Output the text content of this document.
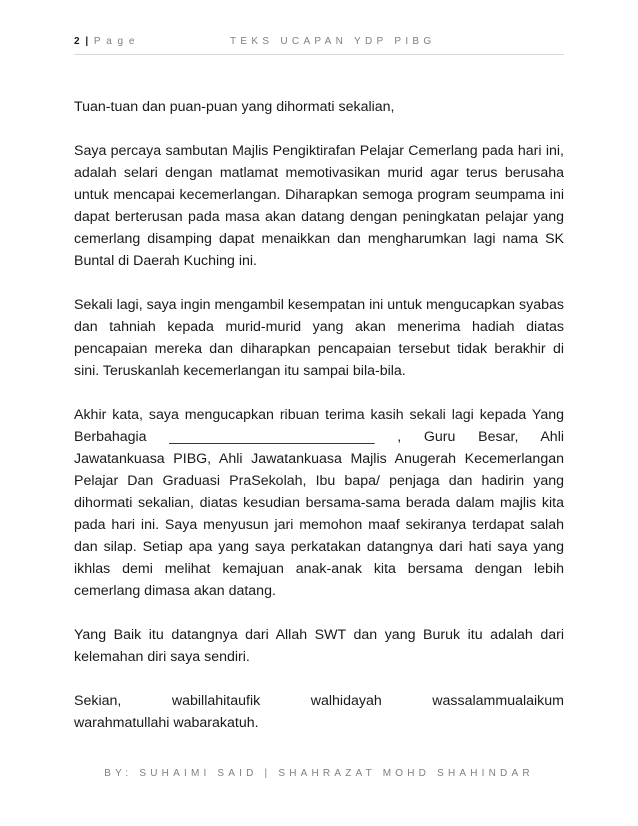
2 | P a g e	TEKS UCAPAN YDP PIBG

Tuan-tuan dan puan-puan yang dihormati sekalian,

Saya percaya sambutan Majlis Pengiktirafan Pelajar Cemerlang pada hari ini, adalah selari dengan matlamat memotivasikan murid agar terus berusaha untuk mencapai kecemerlangan. Diharapkan semoga program seumpama ini dapat berterusan pada masa akan datang dengan peningkatan pelajar yang cemerlang disamping dapat menaikkan dan mengharumkan lagi nama SK Buntal di Daerah Kuching ini.

Sekali lagi, saya ingin mengambil kesempatan ini untuk mengucapkan syabas dan tahniah kepada murid-murid yang akan menerima hadiah diatas pencapaian mereka dan diharapkan pencapaian tersebut tidak berakhir di sini. Teruskanlah kecemerlangan itu sampai bila-bila.

Akhir kata, saya mengucapkan ribuan terima kasih sekali lagi kepada Yang Berbahagia __________________________ , Guru Besar, Ahli Jawatankuasa PIBG, Ahli Jawatankuasa Majlis Anugerah Kecemerlangan Pelajar Dan Graduasi PraSekolah, Ibu bapa/ penjaga dan hadirin yang dihormati sekalian, diatas kesudian bersama-sama berada dalam majlis kita pada hari ini. Saya menyusun jari memohon maaf sekiranya terdapat salah dan silap. Setiap apa yang saya perkatakan datangnya dari hati saya yang ikhlas demi melihat kemajuan anak-anak kita bersama dengan lebih cemerlang dimasa akan datang.

Yang Baik itu datangnya dari Allah SWT dan yang Buruk itu adalah dari kelemahan diri saya sendiri.

Sekian,	wabillahitaufik	walhidayah	wassalammualaikum
warahmatullahi wabarakatuh.

BY: SUHAIMI SAID | SHAHRAZAT MOHD SHAHINDAR
